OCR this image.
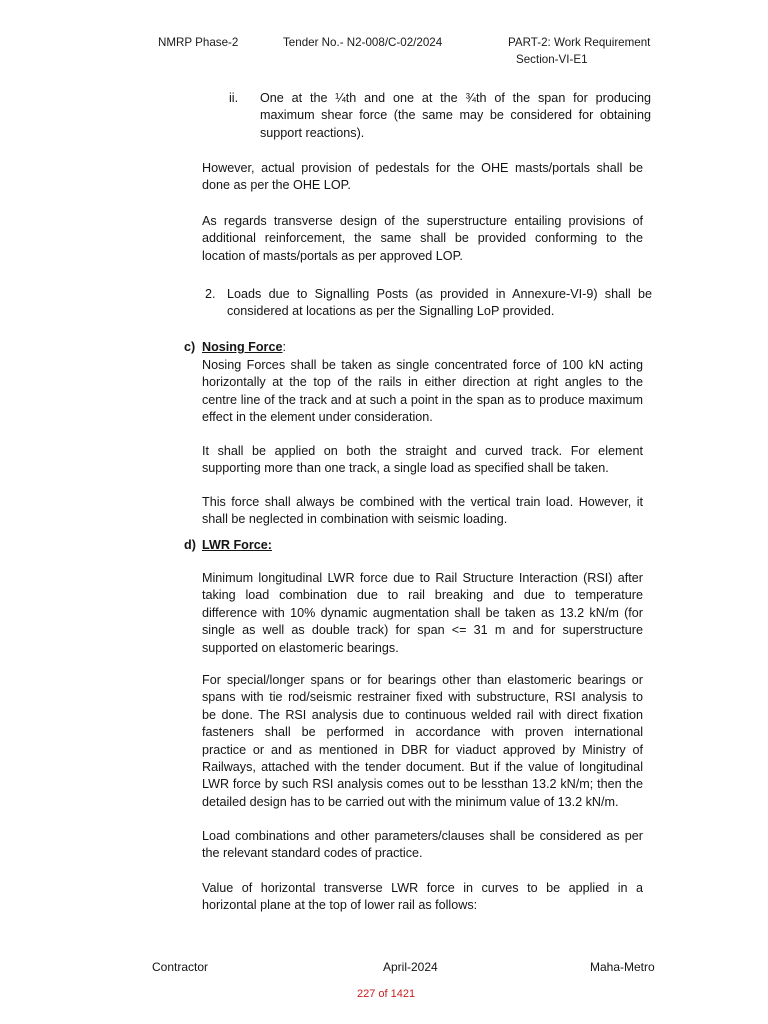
NMRP Phase-2	Tender No.- N2-008/C-02/2024	PART-2: Work Requirement
Section-VI-E1
ii. One at the ¼th and one at the ¾th of the span for producing
maximum shear force (the same may be considered for obtaining
support reactions).
However, actual provision of pedestals for the OHE masts/portals shall be
done as per the OHE LOP.
As regards transverse design of the superstructure entailing provisions of
additional reinforcement, the same shall be provided conforming to the
location of masts/portals as per approved LOP.
2. Loads due to Signalling Posts (as provided in Annexure-VI-9) shall be
considered at locations as per the Signalling LoP provided.
c) Nosing Force:
Nosing Forces shall be taken as single concentrated force of 100 kN acting
horizontally at the top of the rails in either direction at right angles to the
centre line of the track and at such a point in the span as to produce maximum
effect in the element under consideration.
It shall be applied on both the straight and curved track. For element
supporting more than one track, a single load as specified shall be taken.
This force shall always be combined with the vertical train load. However, it
shall be neglected in combination with seismic loading.
d) LWR Force:
Minimum longitudinal LWR force due to Rail Structure Interaction (RSI) after
taking load combination due to rail breaking and due to temperature
difference with 10% dynamic augmentation shall be taken as 13.2 kN/m (for
single as well as double track) for span <= 31 m and for superstructure
supported on elastomeric bearings.
For special/longer spans or for bearings other than elastomeric bearings or
spans with tie rod/seismic restrainer fixed with substructure, RSI analysis to
be done. The RSI analysis due to continuous welded rail with direct fixation
fasteners shall be performed in accordance with proven international
practice or and as mentioned in DBR for viaduct approved by Ministry of
Railways, attached with the tender document. But if the value of longitudinal
LWR force by such RSI analysis comes out to be lessthan 13.2 kN/m; then the
detailed design has to be carried out with the minimum value of 13.2 kN/m.
Load combinations and other parameters/clauses shall be considered as per
the relevant standard codes of practice.
Value of horizontal transverse LWR force in curves to be applied in a
horizontal plane at the top of lower rail as follows:
Contractor	April-2024	Maha-Metro
227 of 1421
